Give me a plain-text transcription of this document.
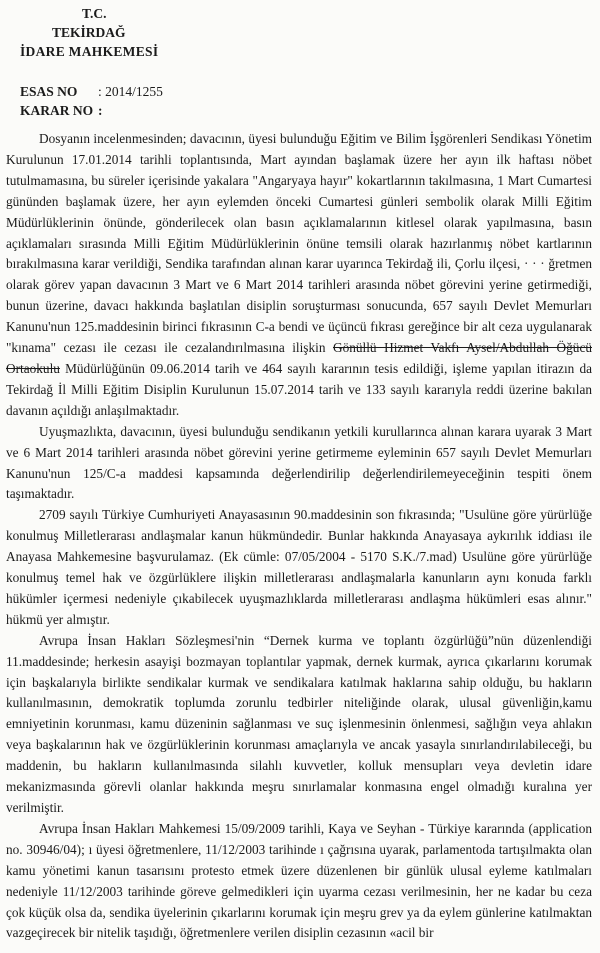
T.C.
TEKİRDAĞ
İDARE MAHKEMESİ
ESAS NO : 2014/1255
KARAR NO :

Dosyanın incelenmesinden; davacının, üyesi bulunduğu Eğitim ve Bilim İşgörenleri Sendikası Yönetim Kurulunun 17.01.2014 tarihli toplantısında, Mart ayından başlamak üzere her ayın ilk haftası nöbet tutulmamasına, bu süreler içerisinde yakalara "Angaryaya hayır" kokartlarının takılmasına, 1 Mart Cumartesi gününden başlamak üzere, her ayın eylemden önceki Cumartesi günleri sembolik olarak Milli Eğitim Müdürlüklerinin önünde, gönderilecek olan basın açıklamalarının kitlesel olarak yapılmasına, basın açıklamaları sırasında Milli Eğitim Müdürlüklerinin önüne temsili olarak hazırlanmış nöbet kartlarının bırakılmasına karar verildiği, Sendika tarafından alınan karar uyarınca Tekirdağ ili, Çorlu ilçesi, · · · ğretmen olarak görev yapan davacının 3 Mart ve 6 Mart 2014 tarihleri arasında nöbet görevini yerine getirmediği, bunun üzerine, davacı hakkında başlatılan disiplin soruşturması sonucunda, 657 sayılı Devlet Memurları Kanunu'nun 125.maddesinin birinci fıkrasının C-a bendi ve üçüncü fıkrası gereğince bir alt ceza uygulanarak "kınama" cezası ile cezası ile cezalandırılmasına ilişkin Gönüllü Hizmet Vakfı Aysel/Abdullah Öğücü Ortaokulu Müdürlüğünün 09.06.2014 tarih ve 464 sayılı kararının tesis edildiği, işleme yapılan itirazın da Tekirdağ İl Milli Eğitim Disiplin Kurulunun 15.07.2014 tarih ve 133 sayılı kararıyla reddi üzerine bakılan davanın açıldığı anlaşılmaktadır.

Uyuşmazlıkta, davacının, üyesi bulunduğu sendikanın yetkili kurullarınca alınan karara uyarak 3 Mart ve 6 Mart 2014 tarihleri arasında nöbet görevini yerine getirmeme eyleminin 657 sayılı Devlet Memurları Kanunu'nun 125/C-a maddesi kapsamında değerlendirilip değerlendirilemeyeceğinin tespiti önem taşımaktadır.

2709 sayılı Türkiye Cumhuriyeti Anayasasının 90.maddesinin son fıkrasında; "Usulüne göre yürürlüğe konulmuş Milletlerarası andlaşmalar kanun hükmündedir. Bunlar hakkında Anayasaya aykırılık iddiası ile Anayasa Mahkemesine başvurulamaz. (Ek cümle: 07/05/2004 - 5170 S.K./7.mad) Usulüne göre yürürlüğe konulmuş temel hak ve özgürlüklere ilişkin milletlerarası andlaşmalarla kanunların aynı konuda farklı hükümler içermesi nedeniyle çıkabilecek uyuşmazlıklarda milletlerarası andlaşma hükümleri esas alınır." hükmü yer almıştır.

Avrupa İnsan Hakları Sözleşmesi'nin “Dernek kurma ve toplantı özgürlüğü”nün düzenlendiği 11.maddesinde; herkesin asayişi bozmayan toplantılar yapmak, dernek kurmak, ayrıca çıkarlarını korumak için başkalarıyla birlikte sendikalar kurmak ve sendikalara katılmak haklarına sahip olduğu, bu hakların kullanılmasının, demokratik toplumda zorunlu tedbirler niteliğinde olarak, ulusal güvenliğin,kamu emniyetinin korunması, kamu düzeninin sağlanması ve suç işlenmesinin önlenmesi, sağlığın veya ahlakın veya başkalarının hak ve özgürlüklerinin korunması amaçlarıyla ve ancak yasayla sınırlandırılabileceği, bu maddenin, bu hakların kullanılmasında silahlı kuvvetler, kolluk mensupları veya devletin idare mekanizmasında görevli olanlar hakkında meşru sınırlamalar konmasına engel olmadığı kuralına yer verilmiştir.

Avrupa İnsan Hakları Mahkemesi 15/09/2009 tarihli, Kaya ve Seyhan - Türkiye kararında (application no. 30946/04); ı üyesi öğretmenlere, 11/12/2003 tarihinde ı çağrısına uyarak, parlamentoda tartışılmakta olan kamu yönetimi kanun tasarısını protesto etmek üzere düzenlenen bir günlük ulusal eyleme katılmaları nedeniyle 11/12/2003 tarihinde göreve gelmedikleri için uyarma cezası verilmesinin, her ne kadar bu ceza çok küçük olsa da, sendika üyelerinin çıkarlarını korumak için meşru grev ya da eylem günlerine katılmaktan vazgeçirecek bir nitelik taşıdığı, öğretmenlere verilen disiplin cezasının «acil bir
